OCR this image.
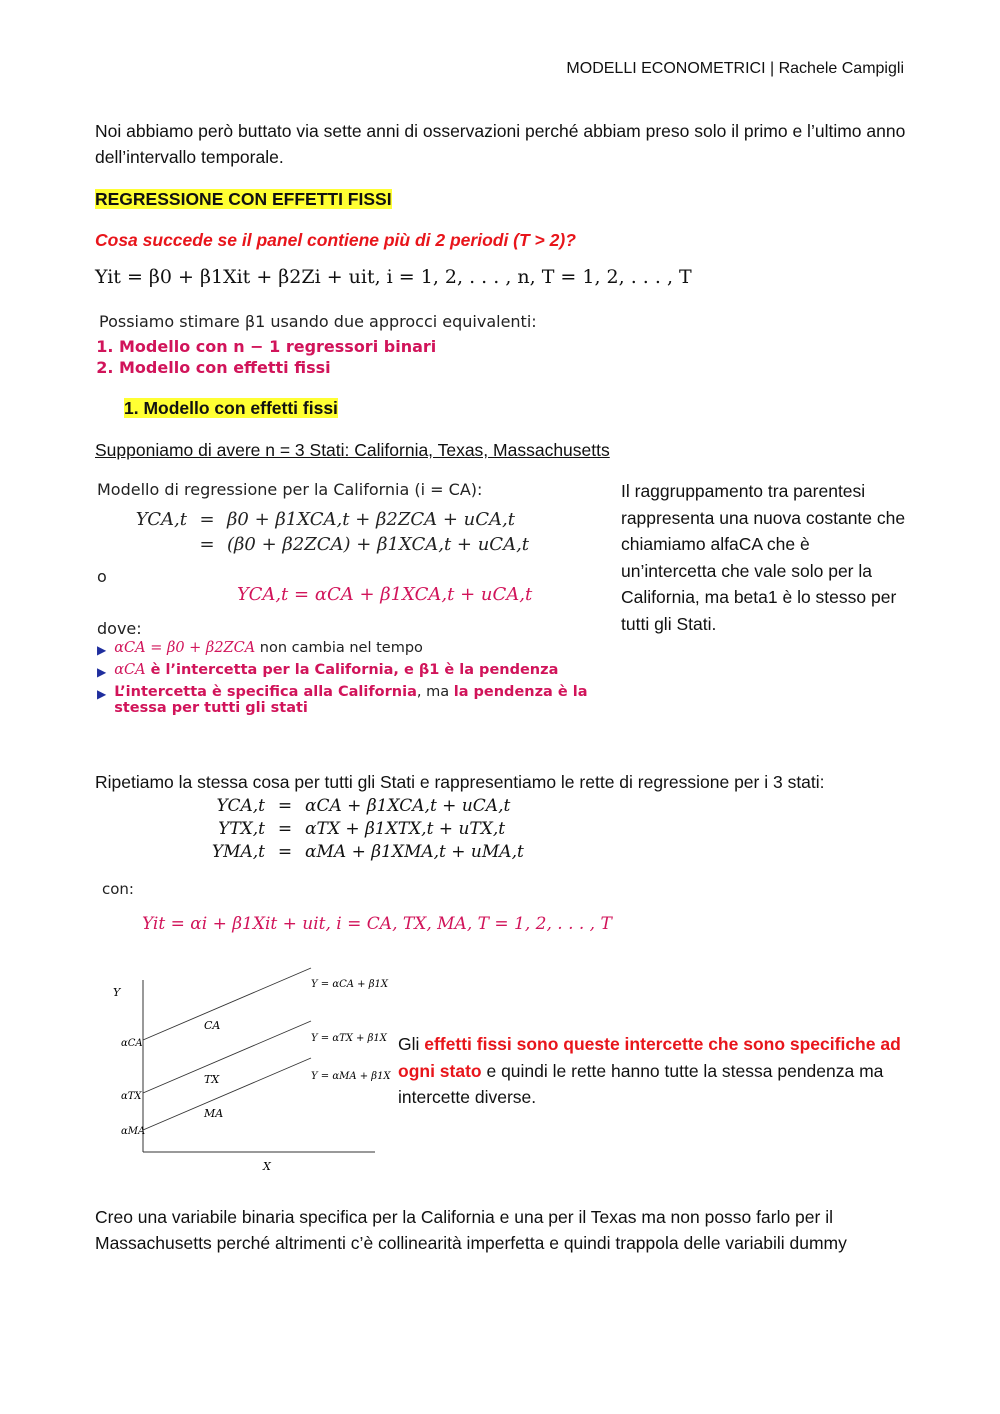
MODELLI ECONOMETRICI | Rachele Campigli
Noi abbiamo però buttato via sette anni di osservazioni perché abbiam preso solo il primo e l’ultimo anno dell’intervallo temporale.
REGRESSIONE CON EFFETTI FISSI
Cosa succede se il panel contiene più di 2 periodi (T > 2)?
Yit = β0 + β1Xit + β2Zi + uit, i = 1, 2, . . . , n, T = 1, 2, . . . , T
Possiamo stimare β1 usando due approcci equivalenti:
1. Modello con n − 1 regressori binari
2. Modello con effetti fissi
1. Modello con effetti fissi
Supponiamo di avere n = 3 Stati: California, Texas, Massachusetts
Modello di regressione per la California (i = CA):
YCA,t = β0 + β1XCA,t + β2ZCA + uCA,t
= (β0 + β2ZCA) + β1XCA,t + uCA,t
o
YCA,t = αCA + β1XCA,t + uCA,t
dove:
▶ αCA = β0 + β2ZCA non cambia nel tempo
▶ αCA è l’intercetta per la California, e β1 è la pendenza
▶ L’intercetta è specifica alla California, ma la pendenza è la stessa per tutti gli stati
Il raggruppamento tra parentesi rappresenta una nuova costante che chiamiamo alfaCA che è un’intercetta che vale solo per la California, ma beta1 è lo stesso per tutti gli Stati.
Ripetiamo la stessa cosa per tutti gli Stati e rappresentiamo le rette di regressione per i 3 stati:
YCA,t = αCA + β1XCA,t + uCA,t
YTX,t = αTX + β1XTX,t + uTX,t
YMA,t = αMA + β1XMA,t + uMA,t
con:
Yit = αi + β1Xit + uit, i = CA, TX, MA, T = 1, 2, . . . , T
Y
X
αCA
αTX
αMA
CA
TX
MA
Y = αCA + β1X
Y = αTX + β1X
Y = αMA + β1X
Gli effetti fissi sono queste intercette che sono specifiche ad ogni stato e quindi le rette hanno tutte la stessa pendenza ma intercette diverse.
Creo una variabile binaria specifica per la California e una per il Texas ma non posso farlo per il Massachusetts perché altrimenti c’è collinearità imperfetta e quindi trappola delle variabili dummy
